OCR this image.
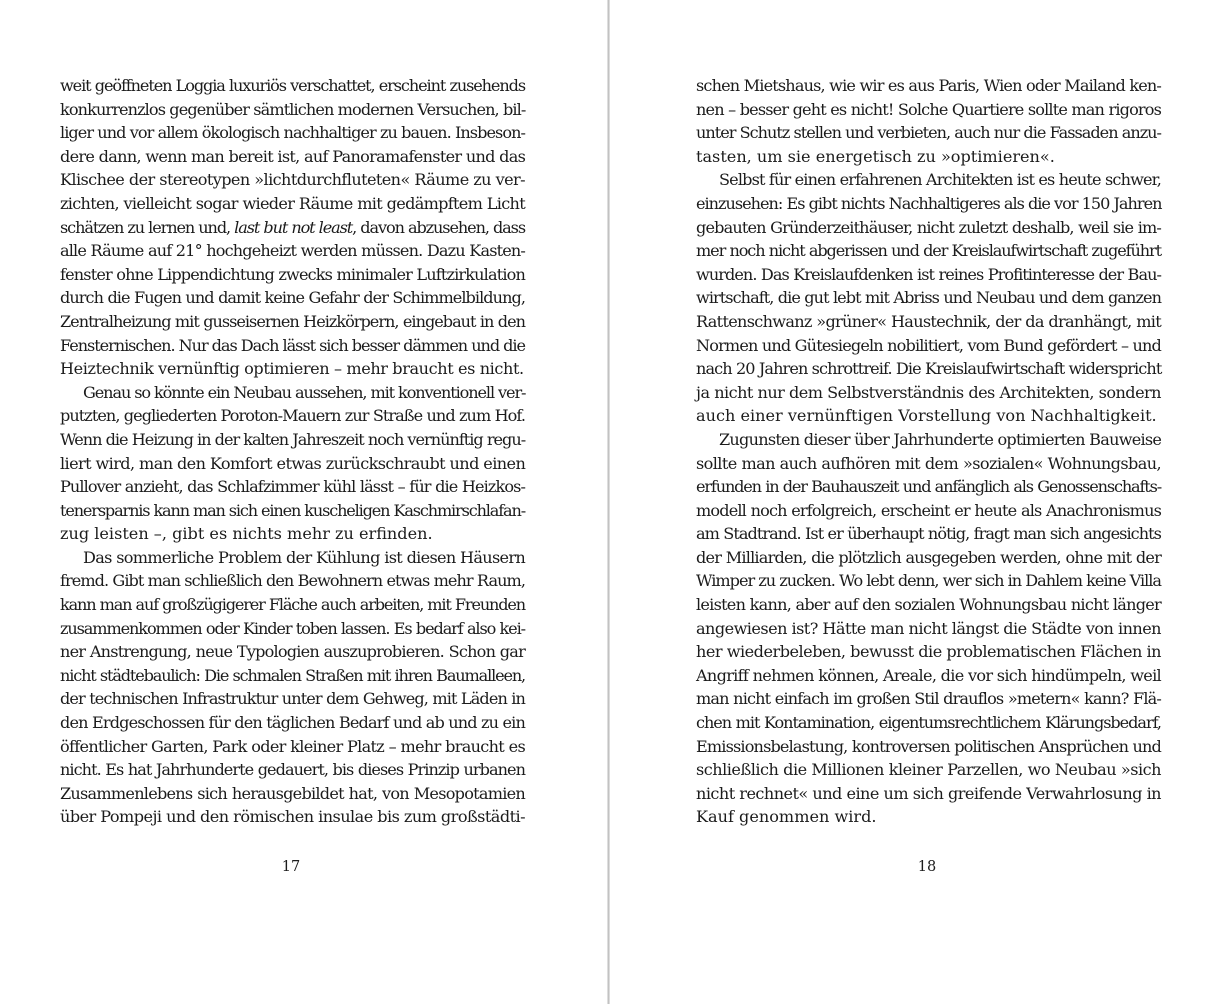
weit geöffneten Loggia luxuriös verschattet, erscheint zusehends
konkurrenzlos gegenüber sämtlichen modernen Versuchen, bil-
liger und vor allem ökologisch nachhaltiger zu bauen. Insbeson-
dere dann, wenn man bereit ist, auf Panoramafenster und das
Klischee der stereotypen »lichtdurchfluteten« Räume zu ver-
zichten, vielleicht sogar wieder Räume mit gedämpftem Licht
schätzen zu lernen und, last but not least, davon abzusehen, dass
alle Räume auf 21° hochgeheizt werden müssen. Dazu Kasten-
fenster ohne Lippendichtung zwecks minimaler Luftzirkulation
durch die Fugen und damit keine Gefahr der Schimmelbildung,
Zentralheizung mit gusseisernen Heizkörpern, eingebaut in den
Fensternischen. Nur das Dach lässt sich besser dämmen und die
Heiztechnik vernünftig optimieren – mehr braucht es nicht.
Genau so könnte ein Neubau aussehen, mit konventionell ver-
putzten, gegliederten Poroton-Mauern zur Straße und zum Hof.
Wenn die Heizung in der kalten Jahreszeit noch vernünftig regu-
liert wird, man den Komfort etwas zurückschraubt und einen
Pullover anzieht, das Schlafzimmer kühl lässt – für die Heizkos-
tenersparnis kann man sich einen kuscheligen Kaschmirschlafan-
zug leisten –, gibt es nichts mehr zu erfinden.
Das sommerliche Problem der Kühlung ist diesen Häusern
fremd. Gibt man schließlich den Bewohnern etwas mehr Raum,
kann man auf großzügigerer Fläche auch arbeiten, mit Freunden
zusammenkommen oder Kinder toben lassen. Es bedarf also kei-
ner Anstrengung, neue Typologien auszuprobieren. Schon gar
nicht städtebaulich: Die schmalen Straßen mit ihren Baumalleen,
der technischen Infrastruktur unter dem Gehweg, mit Läden in
den Erdgeschossen für den täglichen Bedarf und ab und zu ein
öffentlicher Garten, Park oder kleiner Platz – mehr braucht es
nicht. Es hat Jahrhunderte gedauert, bis dieses Prinzip urbanen
Zusammenlebens sich herausgebildet hat, von Mesopotamien
über Pompeji und den römischen insulae bis zum großstädti-
17
schen Mietshaus, wie wir es aus Paris, Wien oder Mailand ken-
nen – besser geht es nicht! Solche Quartiere sollte man rigoros
unter Schutz stellen und verbieten, auch nur die Fassaden anzu-
tasten, um sie energetisch zu »optimieren«.
Selbst für einen erfahrenen Architekten ist es heute schwer,
einzusehen: Es gibt nichts Nachhaltigeres als die vor 150 Jahren
gebauten Gründerzeithäuser, nicht zuletzt deshalb, weil sie im-
mer noch nicht abgerissen und der Kreislaufwirtschaft zugeführt
wurden. Das Kreislaufdenken ist reines Profitinteresse der Bau-
wirtschaft, die gut lebt mit Abriss und Neubau und dem ganzen
Rattenschwanz »grüner« Haustechnik, der da dranhängt, mit
Normen und Gütesiegeln nobilitiert, vom Bund gefördert – und
nach 20 Jahren schrottreif. Die Kreislaufwirtschaft widerspricht
ja nicht nur dem Selbstverständnis des Architekten, sondern
auch einer vernünftigen Vorstellung von Nachhaltigkeit.
Zugunsten dieser über Jahrhunderte optimierten Bauweise
sollte man auch aufhören mit dem »sozialen« Wohnungsbau,
erfunden in der Bauhauszeit und anfänglich als Genossenschafts-
modell noch erfolgreich, erscheint er heute als Anachronismus
am Stadtrand. Ist er überhaupt nötig, fragt man sich angesichts
der Milliarden, die plötzlich ausgegeben werden, ohne mit der
Wimper zu zucken. Wo lebt denn, wer sich in Dahlem keine Villa
leisten kann, aber auf den sozialen Wohnungsbau nicht länger
angewiesen ist? Hätte man nicht längst die Städte von innen
her wiederbeleben, bewusst die problematischen Flächen in
Angriff nehmen können, Areale, die vor sich hindümpeln, weil
man nicht einfach im großen Stil drauflos »metern« kann? Flä-
chen mit Kontamination, eigentumsrechtlichem Klärungsbedarf,
Emissionsbelastung, kontroversen politischen Ansprüchen und
schließlich die Millionen kleiner Parzellen, wo Neubau »sich
nicht rechnet« und eine um sich greifende Verwahrlosung in
Kauf genommen wird.
18
